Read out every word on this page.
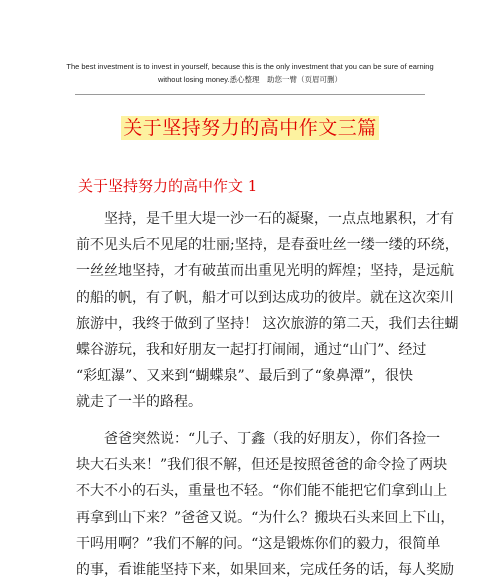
The best investment is to invest in yourself, because this is the only investment that you can be sure of earning
without losing money.悉心整理　助您一臂（页眉可删）
关于坚持努力的高中作文三篇
关于坚持努力的高中作文 1
　　坚持，是千里大堤一沙一石的凝聚，一点点地累积，才有
前不见头后不见尾的壮丽;坚持，是春蚕吐丝一缕一缕的环绕，
一丝丝地坚持，才有破茧而出重见光明的辉煌；坚持，是远航
的船的帆，有了帆，船才可以到达成功的彼岸。就在这次栾川
旅游中，我终于做到了坚持！ 这次旅游的第二天，我们去往蝴
蝶谷游玩，我和好朋友一起打打闹闹，通过“山门”、经过
“彩虹瀑”、又来到“蝴蝶泉”、最后到了“象鼻潭”，很快
就走了一半的路程。
　　爸爸突然说：“儿子、丁鑫（我的好朋友），你们各捡一
块大石头来！”我们很不解，但还是按照爸爸的命令捡了两块
不大不小的石头，重量也不轻。“你们能不能把它们拿到山上
再拿到山下来？”爸爸又说。“为什么？搬块石头来回上下山，
干吗用啊？”我们不解的问。“这是锻炼你们的毅力，很简单
的事，看谁能坚持下来，如果回来，完成任务的话，每人奖励
